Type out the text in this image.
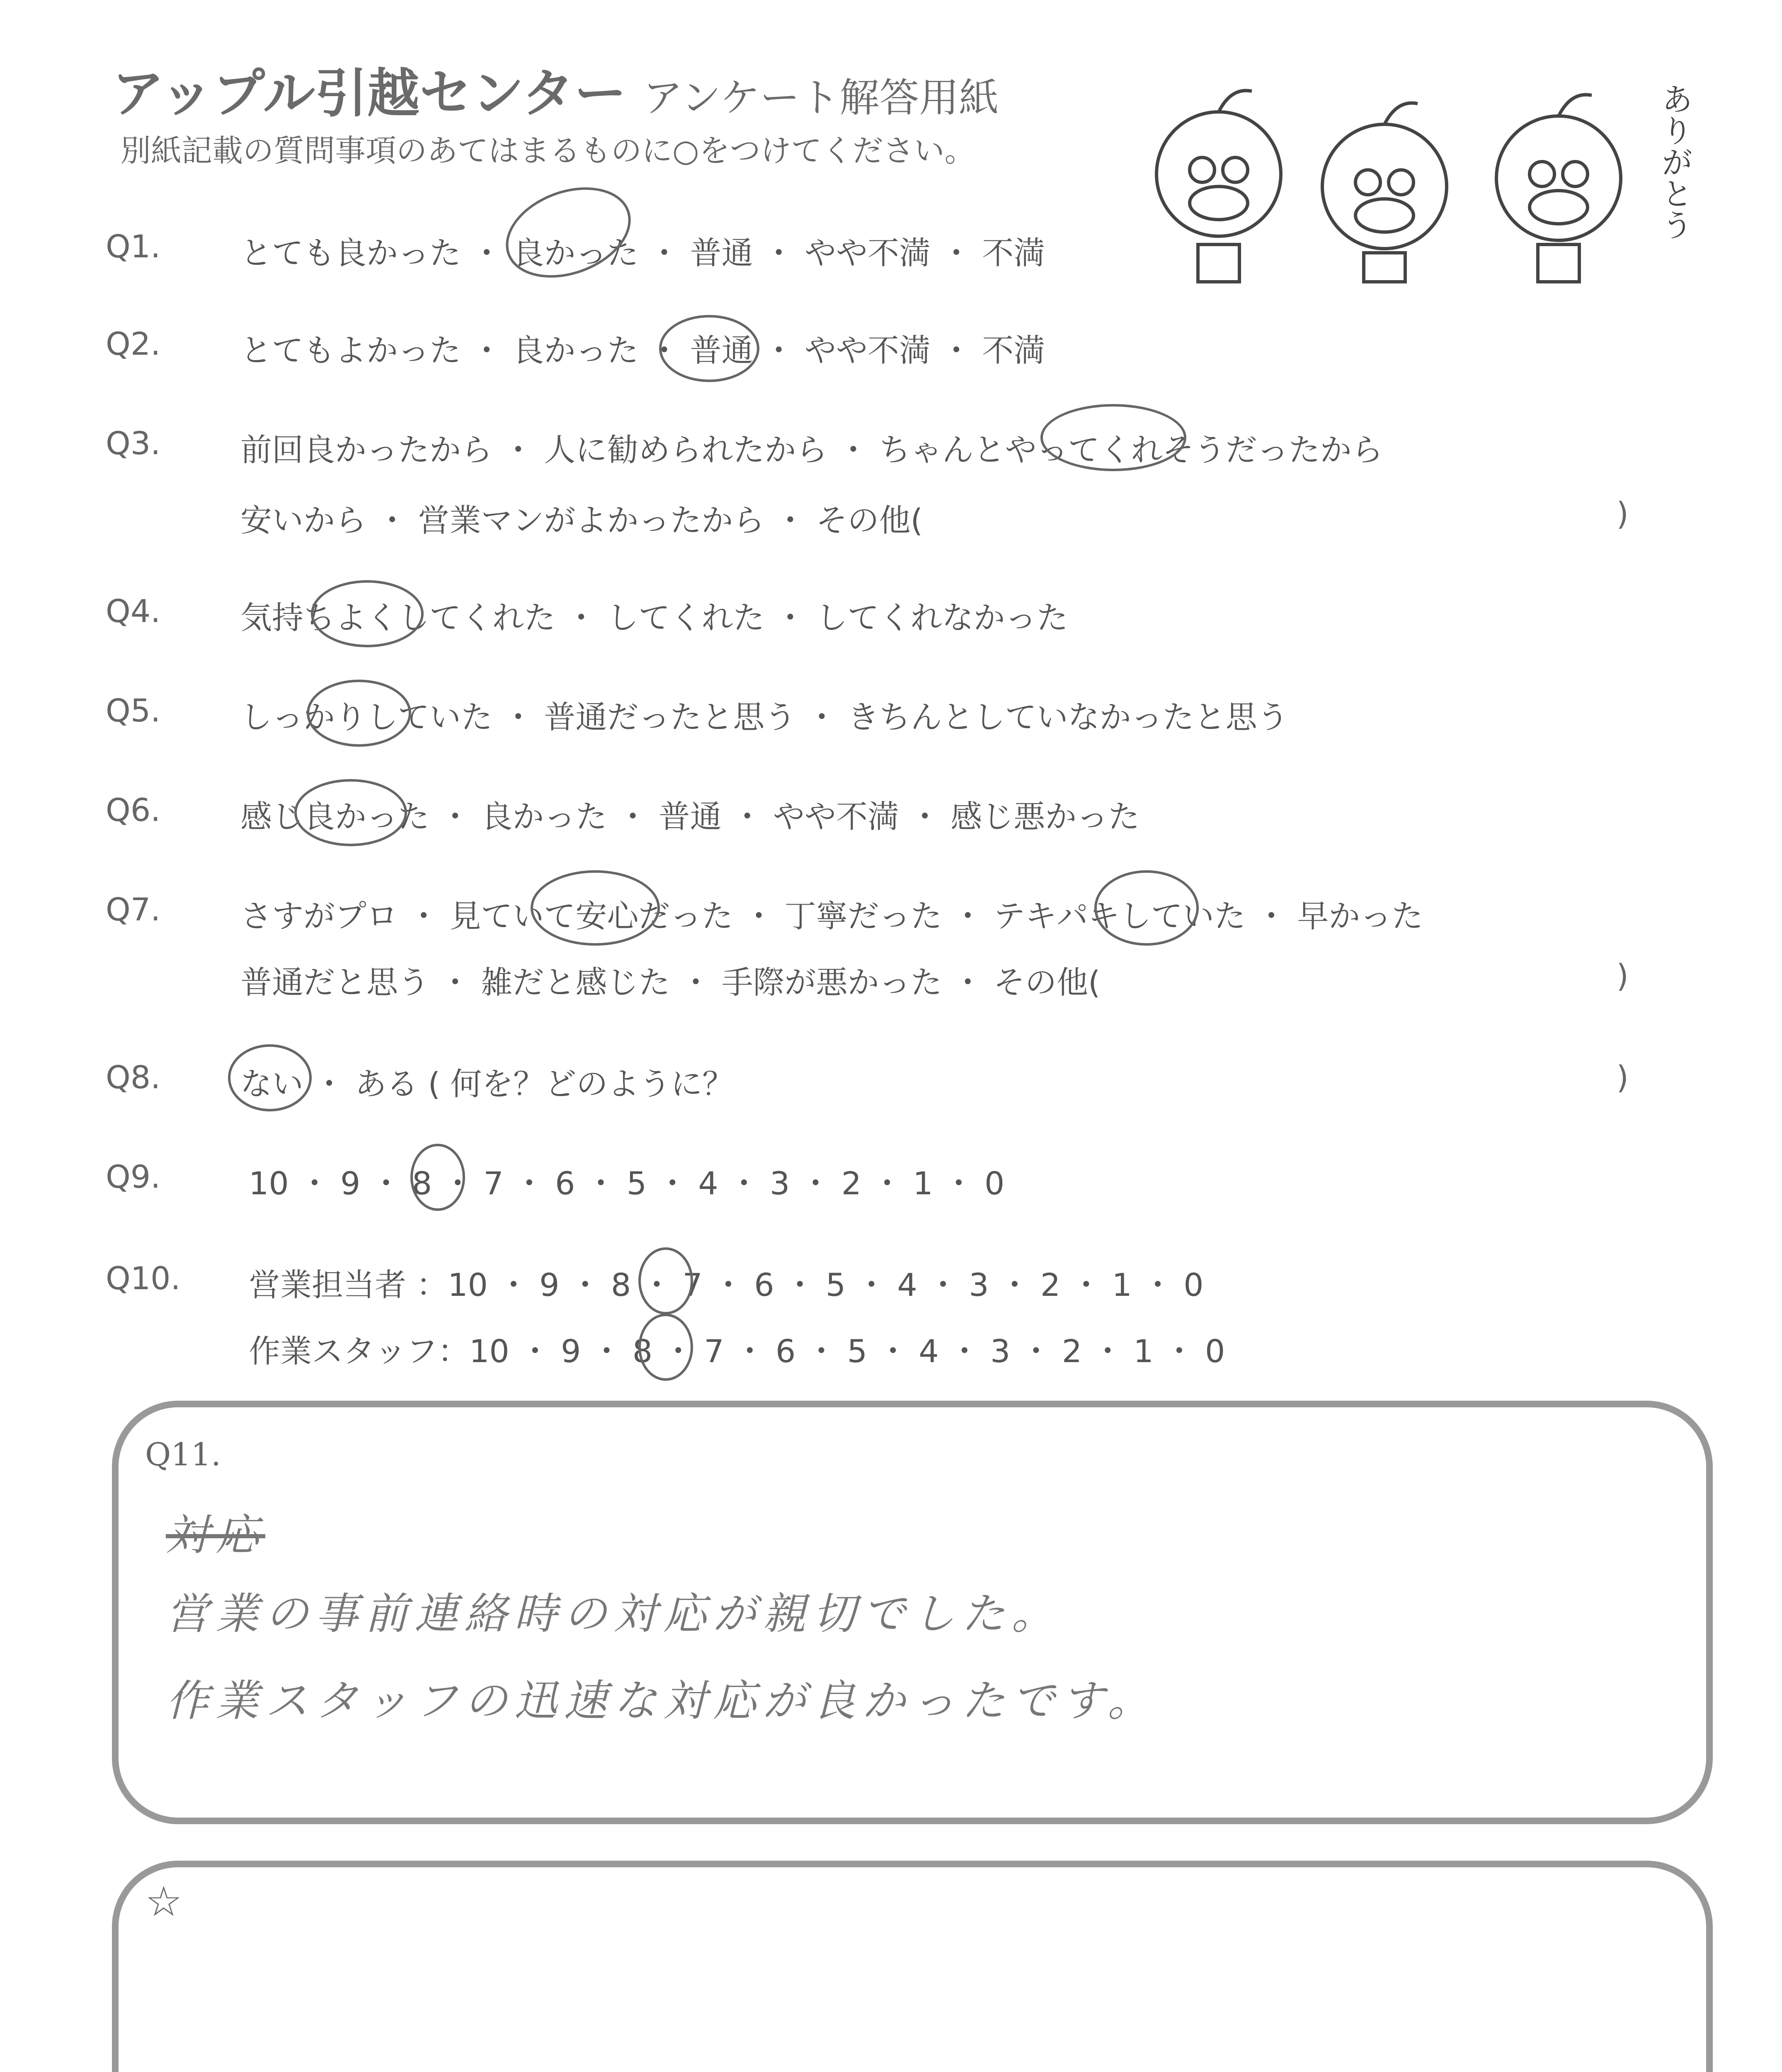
アップル引越センター アンケート解答用紙
別紙記載の質問事項のあてはまるものに○をつけてください。	ありがとう
Q1.	とても良かった ・ 良かった ・ 普通 ・ やや不満 ・ 不満
Q2.	とてもよかった ・ 良かった ・ 普通 ・ やや不満 ・ 不満
Q3.	前回良かったから ・ 人に勧められたから ・ ちゃんとやってくれそうだったから
安いから ・ 営業マンがよかったから ・ その他(	)
Q4.	気持ちよくしてくれた ・ してくれた ・ してくれなかった
Q5.	しっかりしていた ・ 普通だったと思う ・ きちんとしていなかったと思う
Q6.	感じ良かった ・ 良かった ・ 普通 ・ やや不満 ・ 感じ悪かった
Q7.	さすがプロ ・ 見ていて安心だった ・ 丁寧だった ・ テキパキしていた ・ 早かった
普通だと思う ・ 雑だと感じた ・ 手際が悪かった ・ その他(	)
Q8.	ない ・ ある ( 何を？どのように？	)
Q9.	10 ・ 9 ・ 8 ・ 7 ・ 6 ・ 5 ・ 4 ・ 3 ・ 2 ・ 1 ・ 0
Q10. 営業担当者 ：10 ・ 9 ・ 8 ・ 7 ・ 6 ・ 5 ・ 4 ・ 3 ・ 2 ・ 1 ・ 0
作業スタッフ：10 ・ 9 ・ 8 ・ 7 ・ 6 ・ 5 ・ 4 ・ 3 ・ 2 ・ 1 ・ 0
Q11.
対応
営業の事前連絡時の対応が親切でした。
作業スタッフの迅速な対応が良かったです。
☆
